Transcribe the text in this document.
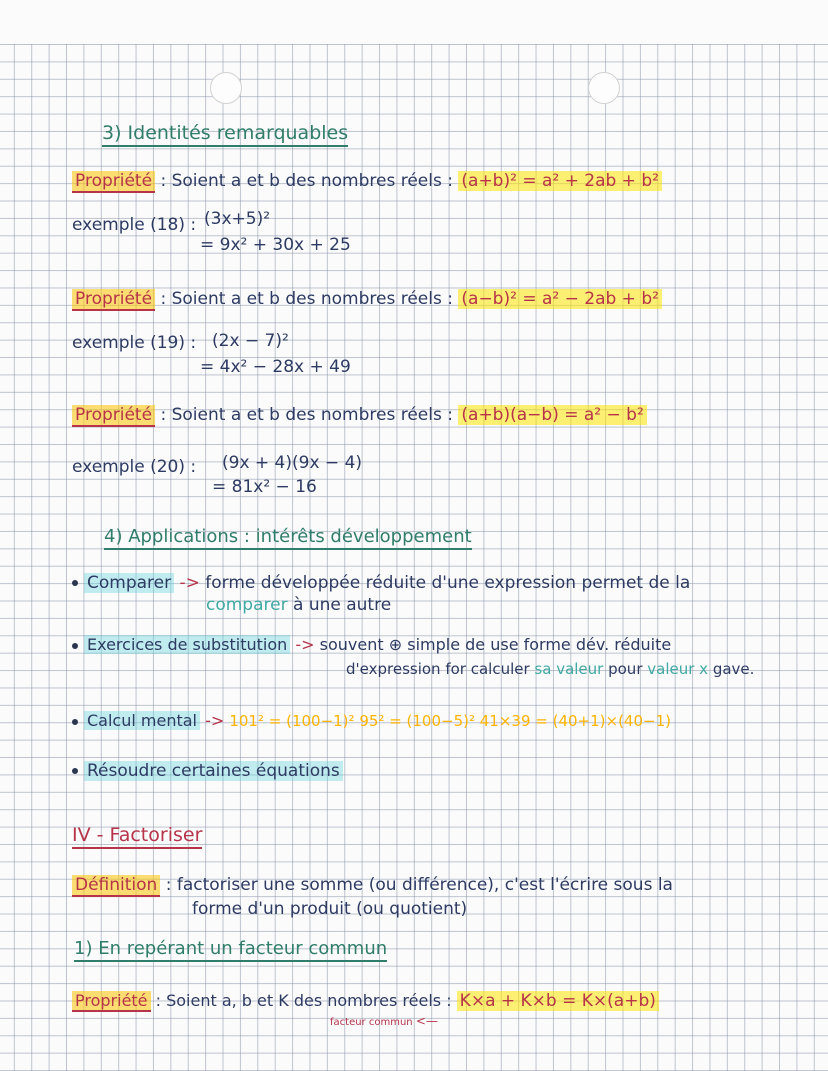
3) Identités remarquables
Propriété : Soient a et b des nombres réels : (a+b)² = a² + 2ab + b²
exemple (18) : (3x+5)²
= 9x² + 30x + 25
Propriété : Soient a et b des nombres réels : (a−b)² = a² − 2ab + b²
exemple (19) : (2x − 7)²
= 4x² − 28x + 49
Propriété : Soient a et b des nombres réels : (a+b)(a−b) = a² − b²
exemple (20) : (9x + 4)(9x − 4)
= 81x² − 16
4) Applications : intérêts développement
Comparer -> forme développée réduite d'une expression permet de la
comparer à une autre
Exercices de substitution -> souvent ⊕ simple de use forme dév. réduite
d'expression for calculer sa valeur pour valeur x gave.
Calcul mental -> 101² = (100−1)² 95² = (100−5)² 41×39 = (40+1)×(40−1)
Résoudre certaines équations
IV - Factoriser
Définition : factoriser une somme (ou différence), c'est l'écrire sous la
forme d'un produit (ou quotient)
1) En repérant un facteur commun
Propriété : Soient a, b et K des nombres réels : K×a + K×b = K×(a+b)
facteur commun <—
